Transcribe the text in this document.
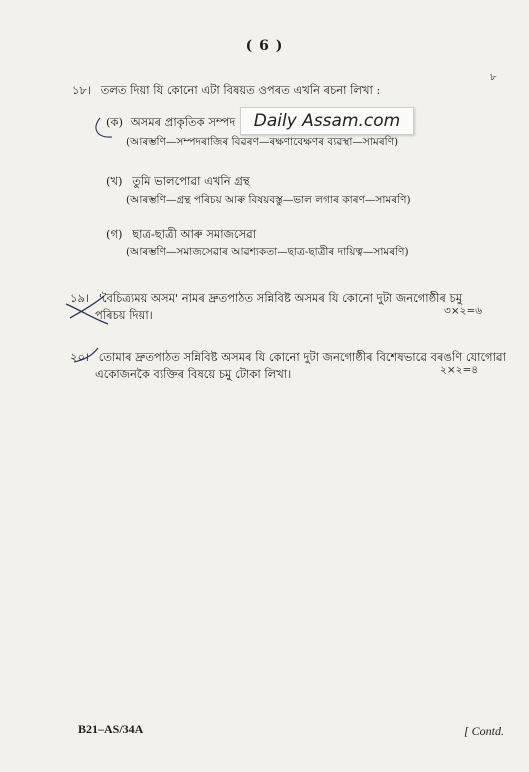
( 6 )
৮
১৮। তলত দিয়া যি কোনো এটা বিষয়ত ওপৰত এখনি ৰচনা লিখা :
(ক) অসমৰ প্ৰাকৃতিক সম্পদ	Daily Assam.com
(আৰম্ভণি—সম্পদৰাজিৰ বিৱৰণ—ৰক্ষণাবেক্ষণৰ ব্যৱস্থা—সামৰণি)
(খ) তুমি ভালপোৱা এখনি গ্ৰন্থ
(আৰম্ভণি—গ্ৰন্থ পৰিচয় আৰু বিষয়বস্তু—ভাল লগাৰ কাৰণ—সামৰণি)
(গ) ছাত্ৰ-ছাত্ৰী আৰু সমাজসেৱা
(আৰম্ভণি—সমাজসেৱাৰ আৱশ্যকতা—ছাত্ৰ-ছাত্ৰীৰ দায়িত্ব—সামৰণি)
১৯। 'বৈচিত্ৰ্যময় অসম' নামৰ দ্ৰুতপাঠত সন্নিবিষ্ট অসমৰ যি কোনো দুটা জনগোষ্ঠীৰ চমু
পৰিচয় দিয়া।	৩×২=৬
২০। তোমাৰ দ্ৰুতপাঠত সন্নিবিষ্ট অসমৰ যি কোনো দুটা জনগোষ্ঠীৰ বিশেষভাৱে বৰঙণি যোগোৱা
একোজনকৈ ব্যক্তিৰ বিষয়ে চমু টোকা লিখা।	২×২=৪
B21–AS/34A	[ Contd.
